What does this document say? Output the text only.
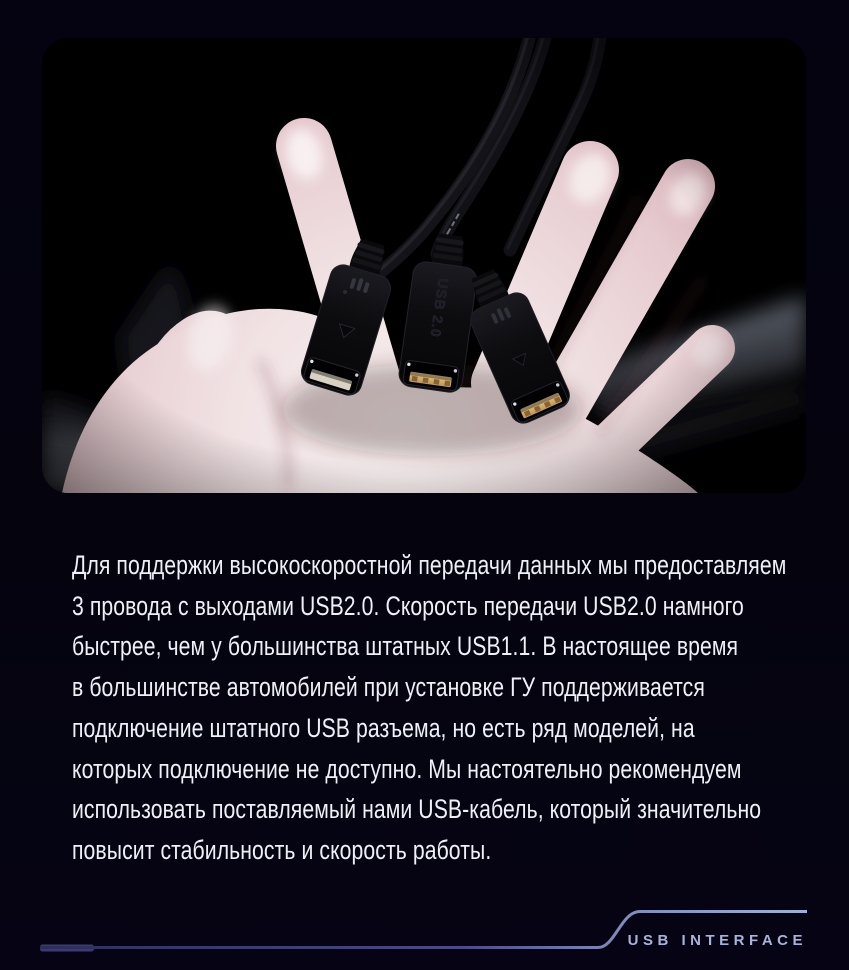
Для поддержки высокоскоростной передачи данных мы предоставляем
3 провода с выходами USB2.0. Скорость передачи USB2.0 намного
быстрее, чем у большинства штатных USB1.1. В настоящее время
в большинстве автомобилей при установке ГУ поддерживается
подключение штатного USB разъема, но есть ряд моделей, на
которых подключение не доступно. Мы настоятельно рекомендуем
использовать поставляемый нами USB-кабель, который значительно
повысит стабильность и скорость работы.
USB INTERFACE
